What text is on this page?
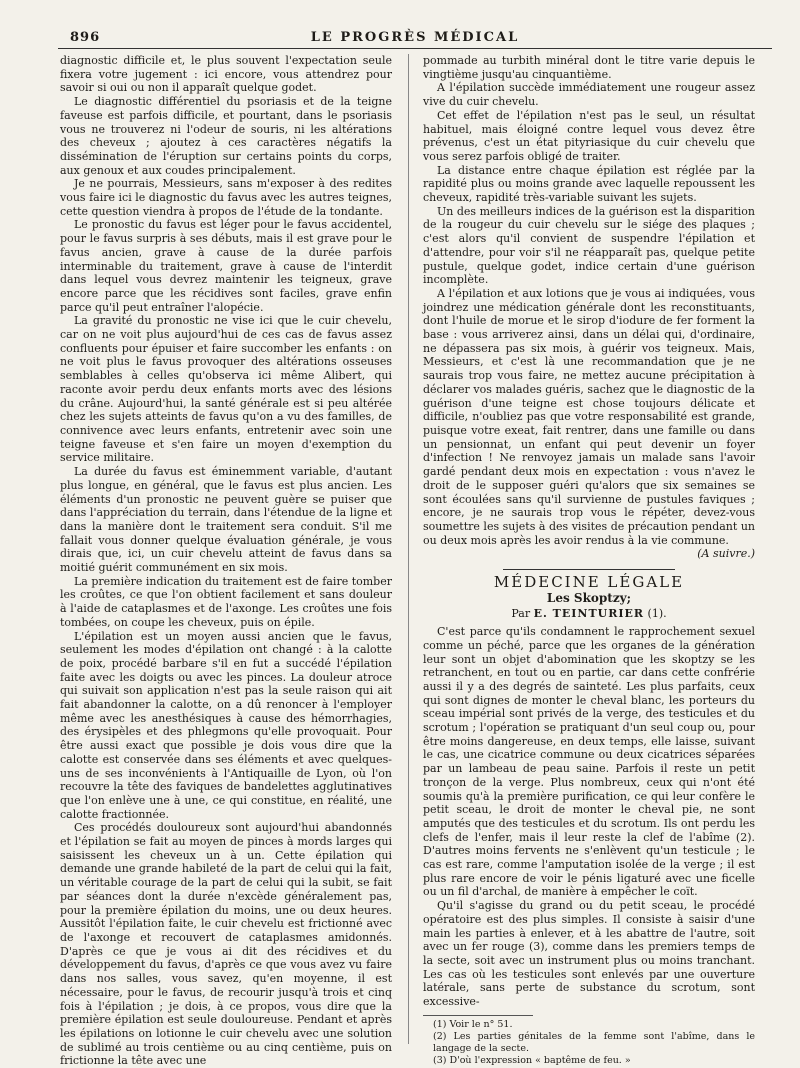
896	LE PROGRÈS MÉDICAL

diagnostic difficile et, le plus souvent l'expectation seule fixera votre jugement : ici encore, vous attendrez pour savoir si oui ou non il apparaît quelque godet.

Le diagnostic différentiel du psoriasis et de la teigne faveuse est parfois difficile, et pourtant, dans le psoriasis vous ne trouverez ni l'odeur de souris, ni les altérations des cheveux ; ajoutez à ces caractères négatifs la dissémination de l'éruption sur certains points du corps, aux genoux et aux coudes principalement.

Je ne pourrais, Messieurs, sans m'exposer à des redites vous faire ici le diagnostic du favus avec les autres teignes, cette question viendra à propos de l'étude de la tondante.

Le pronostic du favus est léger pour le favus accidentel, pour le favus surpris à ses débuts, mais il est grave pour le favus ancien, grave à cause de la durée parfois interminable du traitement, grave à cause de l'interdit dans lequel vous devrez maintenir les teigneux, grave encore parce que les récidives sont faciles, grave enfin parce qu'il peut entraîner l'alopécie.

La gravité du pronostic ne vise ici que le cuir chevelu, car on ne voit plus aujourd'hui de ces cas de favus assez confluents pour épuiser et faire succomber les enfants : on ne voit plus le favus provoquer des altérations osseuses semblables à celles qu'observa ici même Alibert, qui raconte avoir perdu deux enfants morts avec des lésions du crâne. Aujourd'hui, la santé générale est si peu altérée chez les sujets atteints de favus qu'on a vu des familles, de connivence avec leurs enfants, entretenir avec soin une teigne faveuse et s'en faire un moyen d'exemption du service militaire.

La durée du favus est éminemment variable, d'autant plus longue, en général, que le favus est plus ancien. Les éléments d'un pronostic ne peuvent guère se puiser que dans l'appréciation du terrain, dans l'étendue de la ligne et dans la manière dont le traitement sera conduit. S'il me fallait vous donner quelque évaluation générale, je vous dirais que, ici, un cuir chevelu atteint de favus dans sa moitié guérit communément en six mois.

La première indication du traitement est de faire tomber les croûtes, ce que l'on obtient facilement et sans douleur à l'aide de cataplasmes et de l'axonge. Les croûtes une fois tombées, on coupe les cheveux, puis on épile.

L'épilation est un moyen aussi ancien que le favus, seulement les modes d'épilation ont changé : à la calotte de poix, procédé barbare s'il en fut a succédé l'épilation faite avec les doigts ou avec les pinces. La douleur atroce qui suivait son application n'est pas la seule raison qui ait fait abandonner la calotte, on a dû renoncer à l'employer même avec les anesthésiques à cause des hémorrhagies, des érysipèles et des phlegmons qu'elle provoquait. Pour être aussi exact que possible je dois vous dire que la calotte est conservée dans ses éléments et avec quelques-uns de ses inconvénients à l'Antiquaille de Lyon, où l'on recouvre la tête des faviques de bandelettes agglutinatives que l'on enlève une à une, ce qui constitue, en réalité, une calotte fractionnée.

Ces procédés douloureux sont aujourd'hui abandonnés et l'épilation se fait au moyen de pinces à mords larges qui saisissent les cheveux un à un. Cette épilation qui demande une grande habileté de la part de celui qui la fait, un véritable courage de la part de celui qui la subit, se fait par séances dont la durée n'excède généralement pas, pour la première épilation du moins, une ou deux heures. Aussitôt l'épilation faite, le cuir chevelu est frictionné avec de l'axonge et recouvert de cataplasmes amidonnés. D'après ce que je vous ai dit des récidives et du développement du favus, d'après ce que vous avez vu faire dans nos salles, vous savez, qu'en moyenne, il est nécessaire, pour le favus, de recourir jusqu'à trois et cinq fois à l'épilation ; je dois, à ce propos, vous dire que la première épilation est seule douloureuse. Pendant et après les épilations on lotionne le cuir chevelu avec une solution de sublimé au trois centième ou au cinq centième, puis on frictionne la tête avec une

pommade au turbith minéral dont le titre varie depuis le vingtième jusqu'au cinquantième.

A l'épilation succède immédiatement une rougeur assez vive du cuir chevelu.

Cet effet de l'épilation n'est pas le seul, un résultat habituel, mais éloigné contre lequel vous devez être prévenus, c'est un état pityriasique du cuir chevelu que vous serez parfois obligé de traiter.

La distance entre chaque épilation est réglée par la rapidité plus ou moins grande avec laquelle repoussent les cheveux, rapidité très-variable suivant les sujets.

Un des meilleurs indices de la guérison est la disparition de la rougeur du cuir chevelu sur le siége des plaques ; c'est alors qu'il convient de suspendre l'épilation et d'attendre, pour voir s'il ne réapparaît pas, quelque petite pustule, quelque godet, indice certain d'une guérison incomplète.

A l'épilation et aux lotions que je vous ai indiquées, vous joindrez une médication générale dont les reconstituants, dont l'huile de morue et le sirop d'iodure de fer forment la base : vous arriverez ainsi, dans un délai qui, d'ordinaire, ne dépassera pas six mois, à guérir vos teigneux. Mais, Messieurs, et c'est là une recommandation que je ne saurais trop vous faire, ne mettez aucune précipitation à déclarer vos malades guéris, sachez que le diagnostic de la guérison d'une teigne est chose toujours délicate et difficile, n'oubliez pas que votre responsabilité est grande, puisque votre exeat, fait rentrer, dans une famille ou dans un pensionnat, un enfant qui peut devenir un foyer d'infection ! Ne renvoyez jamais un malade sans l'avoir gardé pendant deux mois en expectation : vous n'avez le droit de le supposer guéri qu'alors que six semaines se sont écoulées sans qu'il survienne de pustules faviques ; encore, je ne saurais trop vous le répéter, devez-vous soumettre les sujets à des visites de précaution pendant un ou deux mois après les avoir rendus à la vie commune.

(A suivre.)

MÉDECINE LÉGALE
Les Skoptzy;
Par E. TEINTURIER (1).

C'est parce qu'ils condamnent le rapprochement sexuel comme un péché, parce que les organes de la génération leur sont un objet d'abomination que les skoptzy se les retranchent, en tout ou en partie, car dans cette confrérie aussi il y a des degrés de sainteté. Les plus parfaits, ceux qui sont dignes de monter le cheval blanc, les porteurs du sceau impérial sont privés de la verge, des testicules et du scrotum ; l'opération se pratiquant d'un seul coup ou, pour être moins dangereuse, en deux temps, elle laisse, suivant le cas, une cicatrice commune ou deux cicatrices séparées par un lambeau de peau saine. Parfois il reste un petit tronçon de la verge. Plus nombreux, ceux qui n'ont été soumis qu'à la première purification, ce qui leur confère le petit sceau, le droit de monter le cheval pie, ne sont amputés que des testicules et du scrotum. Ils ont perdu les clefs de l'enfer, mais il leur reste la clef de l'abîme (2). D'autres moins fervents ne s'enlèvent qu'un testicule ; le cas est rare, comme l'amputation isolée de la verge ; il est plus rare encore de voir le pénis ligaturé avec une ficelle ou un fil d'archal, de manière à empêcher le coït.

Qu'il s'agisse du grand ou du petit sceau, le procédé opératoire est des plus simples. Il consiste à saisir d'une main les parties à enlever, et à les abattre de l'autre, soit avec un fer rouge (3), comme dans les premiers temps de la secte, soit avec un instrument plus ou moins tranchant. Les cas où les testicules sont enlevés par une ouverture latérale, sans perte de substance du scrotum, sont excessive-

(1) Voir le n° 51.

(2) Les parties génitales de la femme sont l'abîme, dans le langage de la secte.

(3) D'où l'expression « baptême de feu. »
